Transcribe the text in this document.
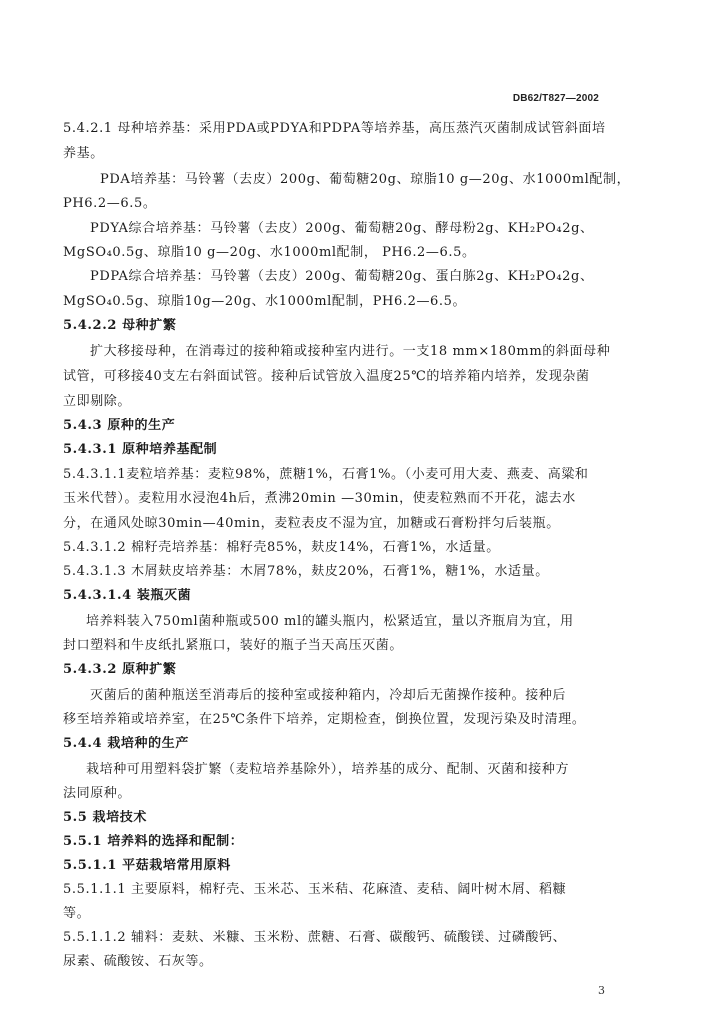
DB62/T827—2002
5.4.2.1 母种培养基：采用PDA或PDYA和PDPA等培养基，高压蒸汽灭菌制成试管斜面培
养基。
PDA培养基：马铃薯（去皮）200g、葡萄糖20g、琼脂10 g—20g、水1000ml配制，
PH6.2—6.5。
PDYA综合培养基：马铃薯（去皮）200g、葡萄糖20g、酵母粉2g、KH₂PO₄2g、
MgSO₄0.5g、琼脂10 g—20g、水1000ml配制， PH6.2—6.5。
PDPA综合培养基：马铃薯（去皮）200g、葡萄糖20g、蛋白胨2g、KH₂PO₄2g、
MgSO₄0.5g、琼脂10g—20g、水1000ml配制，PH6.2—6.5。
5.4.2.2 母种扩繁
扩大移接母种，在消毒过的接种箱或接种室内进行。一支18 mm×180mm的斜面母种
试管，可移接40支左右斜面试管。接种后试管放入温度25℃的培养箱内培养，发现杂菌
立即剔除。
5.4.3 原种的生产
5.4.3.1 原种培养基配制
5.4.3.1.1麦粒培养基：麦粒98%，蔗糖1%，石膏1%。（小麦可用大麦、燕麦、高粱和
玉米代替）。麦粒用水浸泡4h后，煮沸20min —30min，使麦粒熟而不开花，滤去水
分，在通风处晾30min—40min，麦粒表皮不湿为宜，加糖或石膏粉拌匀后装瓶。
5.4.3.1.2 棉籽壳培养基：棉籽壳85%，麸皮14%，石膏1%，水适量。
5.4.3.1.3 木屑麸皮培养基：木屑78%，麸皮20%，石膏1%，糖1%，水适量。
5.4.3.1.4 装瓶灭菌
培养料装入750ml菌种瓶或500 ml的罐头瓶内，松紧适宜，量以齐瓶肩为宜，用
封口塑料和牛皮纸扎紧瓶口，装好的瓶子当天高压灭菌。
5.4.3.2 原种扩繁
灭菌后的菌种瓶送至消毒后的接种室或接种箱内，冷却后无菌操作接种。接种后
移至培养箱或培养室，在25℃条件下培养，定期检查，倒换位置，发现污染及时清理。
5.4.4 栽培种的生产
栽培种可用塑料袋扩繁（麦粒培养基除外），培养基的成分、配制、灭菌和接种方
法同原种。
5.5 栽培技术
5.5.1 培养料的选择和配制：
5.5.1.1 平菇栽培常用原料
5.5.1.1.1 主要原料，棉籽壳、玉米芯、玉米秸、花麻渣、麦秸、阔叶树木屑、稻糠
等。
5.5.1.1.2 辅料：麦麸、米糠、玉米粉、蔗糖、石膏、碳酸钙、硫酸镁、过磷酸钙、
尿素、硫酸铵、石灰等。
3
